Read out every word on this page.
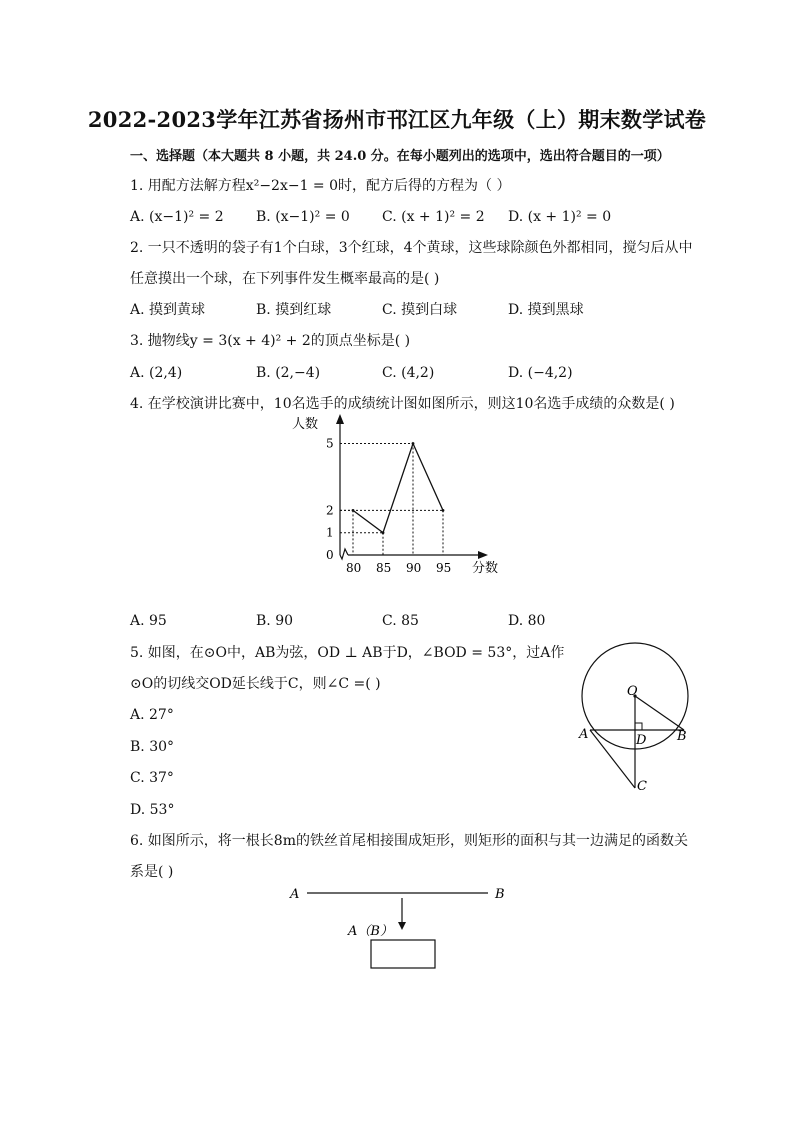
2022-2023学年江苏省扬州市邗江区九年级（上）期末数学试卷
一、选择题（本大题共 8 小题，共 24.0 分。在每小题列出的选项中，选出符合题目的一项）
1. 用配方法解方程x²−2x−1 = 0时，配方后得的方程为（ ）
A. (x−1)² = 2 B. (x−1)² = 0 C. (x + 1)² = 2 D. (x + 1)² = 0
2. 一只不透明的袋子有1个白球，3个红球，4个黄球，这些球除颜色外都相同，搅匀后从中
任意摸出一个球，在下列事件发生概率最高的是( )
A. 摸到黄球	B. 摸到红球	C. 摸到白球	D. 摸到黑球
3. 抛物线y = 3(x + 4)² + 2的顶点坐标是( )
A. (2,4)	B. (2,−4)	C. (4,2)	D. (−4,2)
4. 在学校演讲比赛中，10名选手的成绩统计图如图所示，则这10名选手成绩的众数是( )
人数
分数
80 85 90 95
0
1
2
5
A. 95	B. 90	C. 85	D. 80
5. 如图，在⊙O中，AB为弦，OD ⊥ AB于D，∠BOD = 53°，过A作
⊙O的切线交OD延长线于C，则∠C =( )
A. 27°
B. 30°
C. 37°
D. 53°
O
A	B
D
C
6. 如图所示，将一根长8m的铁丝首尾相接围成矩形，则矩形的面积与其一边满足的函数关
系是( )
A	B
A（B）
